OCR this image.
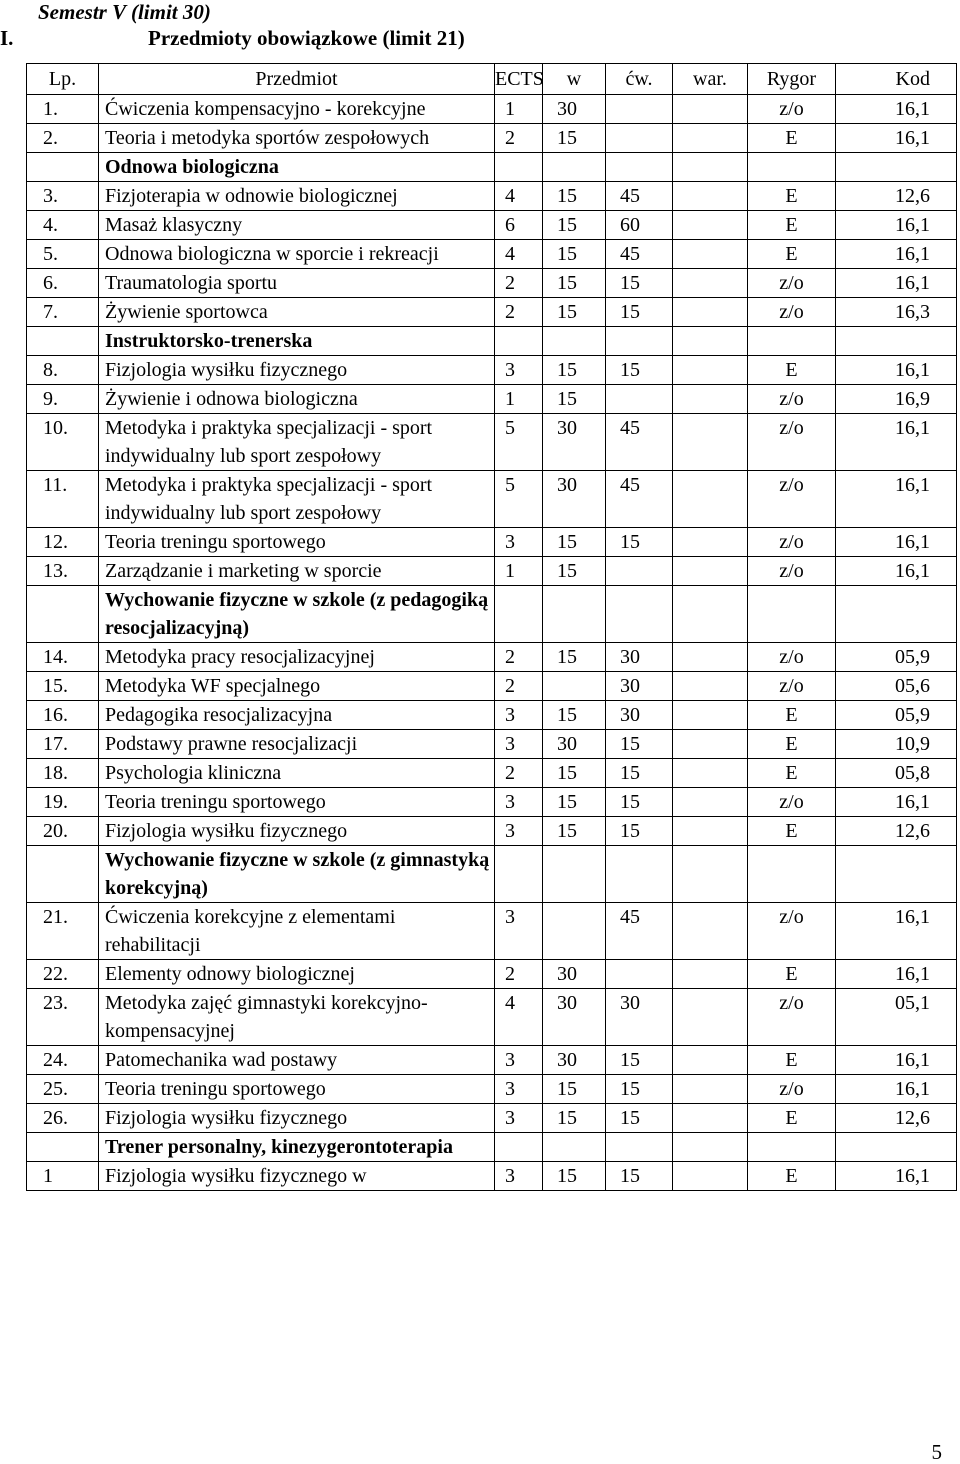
Semestr V (limit 30)
I.	Przedmioty obowiązkowe (limit 21)
Lp.	Przedmiot	ECTS	w	ćw.	war.	Rygor	Kod
1.	Ćwiczenia kompensacyjno - korekcyjne	1	30			z/o	16,1
2.	Teoria i metodyka sportów zespołowych	2	15			E	16,1
	Odnowa biologiczna						
3.	Fizjoterapia w odnowie biologicznej	4	15	45		E	12,6
4.	Masaż klasyczny	6	15	60		E	16,1
5.	Odnowa biologiczna w sporcie i rekreacji	4	15	45		E	16,1
6.	Traumatologia sportu	2	15	15		z/o	16,1
7.	Żywienie sportowca	2	15	15		z/o	16,3
	Instruktorsko-trenerska						
8.	Fizjologia wysiłku fizycznego	3	15	15		E	16,1
9.	Żywienie i odnowa biologiczna	1	15			z/o	16,9
10.	Metodyka i praktyka specjalizacji - sport indywidualny lub sport zespołowy	5	30	45		z/o	16,1
11.	Metodyka i praktyka specjalizacji - sport indywidualny lub sport zespołowy	5	30	45		z/o	16,1
12.	Teoria treningu sportowego	3	15	15		z/o	16,1
13.	Zarządzanie i marketing w sporcie	1	15			z/o	16,1
	Wychowanie fizyczne w szkole (z pedagogiką resocjalizacyjną)						
14.	Metodyka pracy resocjalizacyjnej	2	15	30		z/o	05,9
15.	Metodyka WF specjalnego	2		30		z/o	05,6
16.	Pedagogika resocjalizacyjna	3	15	30		E	05,9
17.	Podstawy prawne resocjalizacji	3	30	15		E	10,9
18.	Psychologia kliniczna	2	15	15		E	05,8
19.	Teoria treningu sportowego	3	15	15		z/o	16,1
20.	Fizjologia wysiłku fizycznego	3	15	15		E	12,6
	Wychowanie fizyczne w szkole (z gimnastyką korekcyjną)						
21.	Ćwiczenia korekcyjne z elementami rehabilitacji	3		45		z/o	16,1
22.	Elementy odnowy biologicznej	2	30			E	16,1
23.	Metodyka zajęć gimnastyki korekcyjno-kompensacyjnej	4	30	30		z/o	05,1
24.	Patomechanika wad postawy	3	30	15		E	16,1
25.	Teoria treningu sportowego	3	15	15		z/o	16,1
26.	Fizjologia wysiłku fizycznego	3	15	15		E	12,6
	Trener personalny, kinezygerontoterapia						
1	Fizjologia wysiłku fizycznego w	3	15	15		E	16,1
5
